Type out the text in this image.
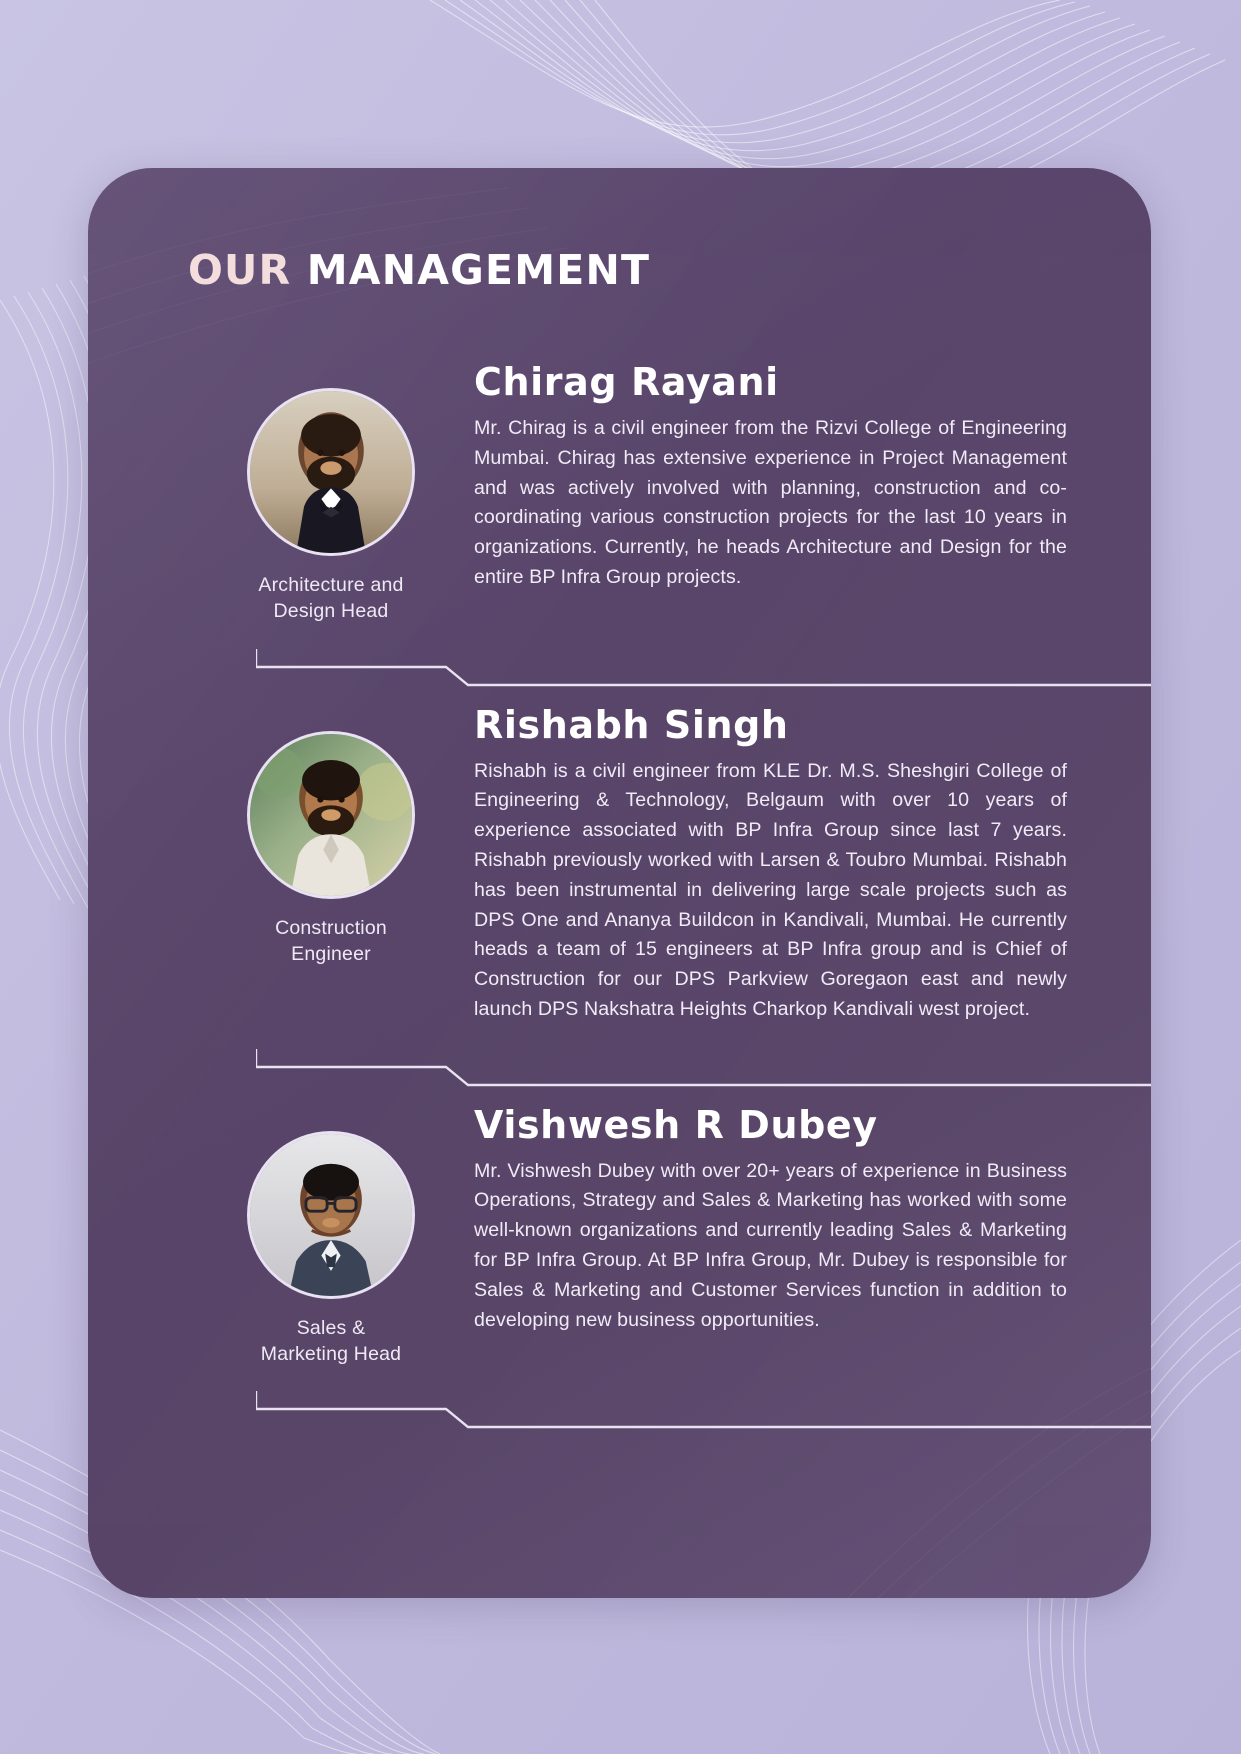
OUR MANAGEMENT
Architecture and
Design Head
Chirag Rayani

Mr. Chirag is a civil engineer from the Rizvi College of Engineering Mumbai. Chirag has extensive experience in Project Management and was actively involved with planning, construction and co-coordinating various construction projects for the last 10 years in organizations. Currently, he heads Architecture and Design for the entire BP Infra Group projects.

Construction
Engineer
Rishabh Singh

Rishabh is a civil engineer from KLE Dr. M.S. Sheshgiri College of Engineering & Technology, Belgaum with over 10 years of experience associated with BP Infra Group since last 7 years. Rishabh previously worked with Larsen & Toubro Mumbai. Rishabh has been instrumental in delivering large scale projects such as DPS One and Ananya Buildcon in Kandivali, Mumbai. He currently heads a team of 15 engineers at BP Infra group and is Chief of Construction for our DPS Parkview Goregaon east and newly launch DPS Nakshatra Heights Charkop Kandivali west project.

Sales &
Marketing Head
Vishwesh R Dubey

Mr. Vishwesh Dubey with over 20+ years of experience in Business Operations, Strategy and Sales & Marketing has worked with some well-known organizations and currently leading Sales & Marketing for BP Infra Group. At BP Infra Group, Mr. Dubey is responsible for Sales & Marketing and Customer Services function in addition to developing new business opportunities.
